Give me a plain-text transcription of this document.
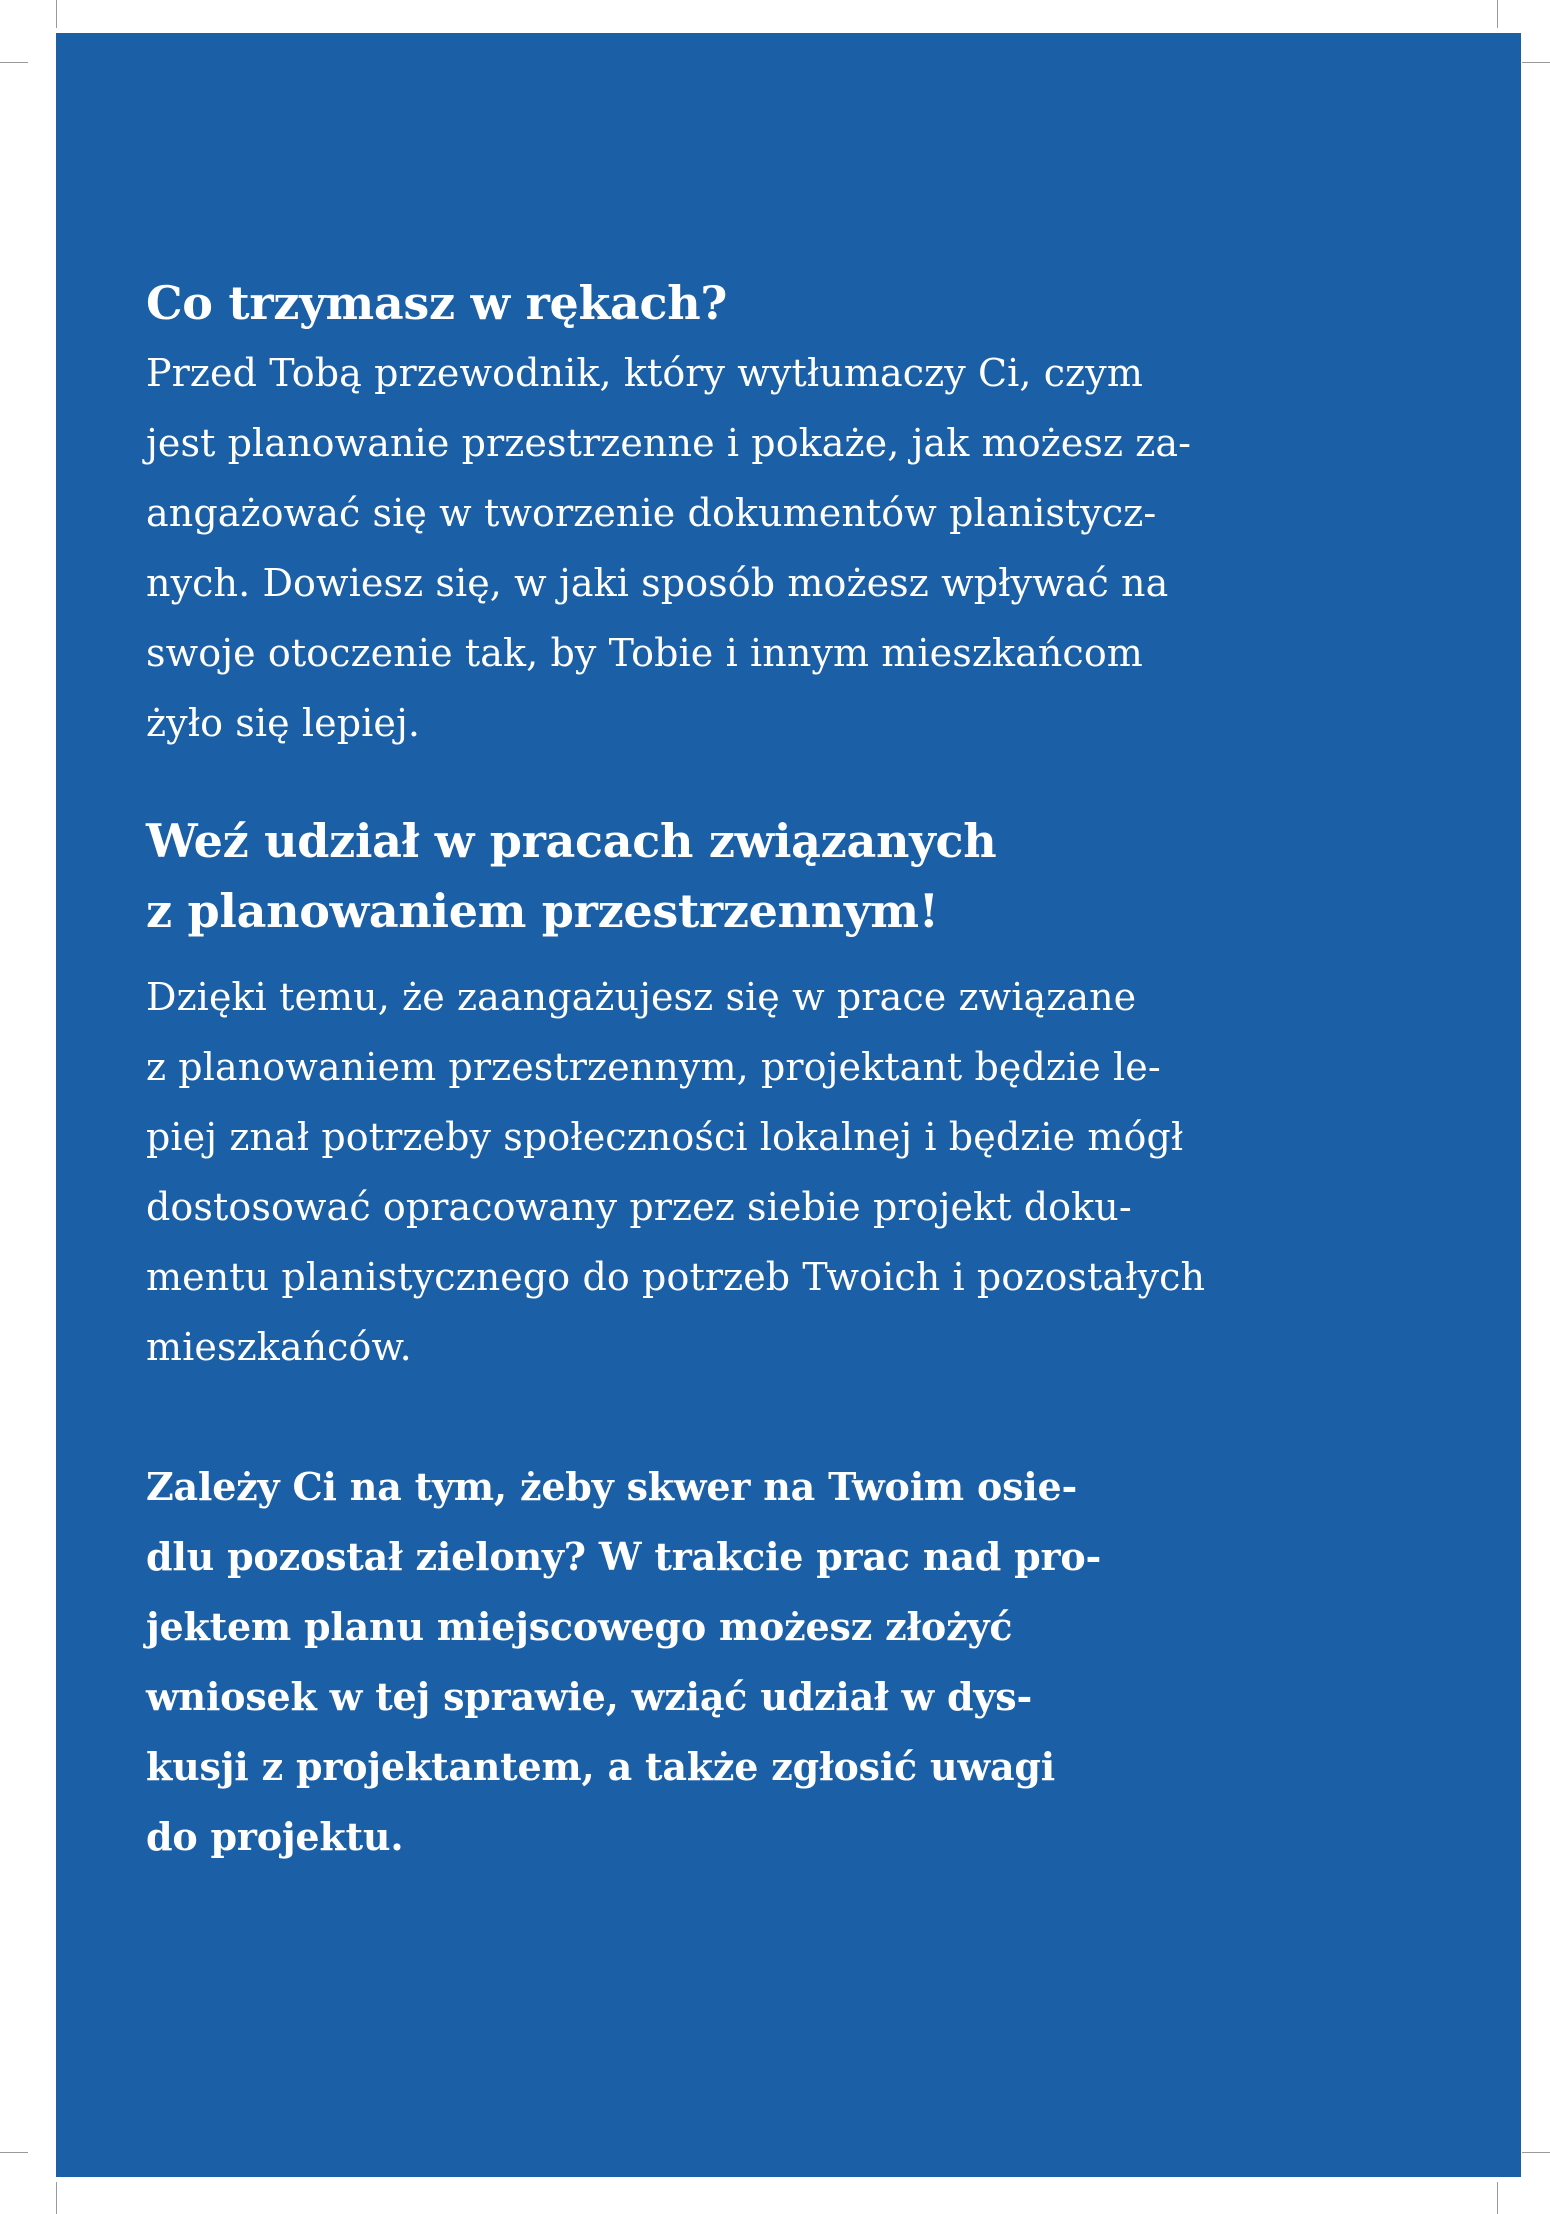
Co trzymasz w rękach?

Przed Tobą przewodnik, który wytłumaczy Ci, czym
jest planowanie przestrzenne i pokaże, jak możesz za-
angażować się w tworzenie dokumentów planistycz-
nych. Dowiesz się, w jaki sposób możesz wpływać na
swoje otoczenie tak, by Tobie i innym mieszkańcom
żyło się lepiej.

Weź udział w pracach związanych
z planowaniem przestrzennym!

Dzięki temu, że zaangażujesz się w prace związane
z planowaniem przestrzennym, projektant będzie le-
piej znał potrzeby społeczności lokalnej i będzie mógł
dostosować opracowany przez siebie projekt doku-
mentu planistycznego do potrzeb Twoich i pozostałych
mieszkańców.

Zależy Ci na tym, żeby skwer na Twoim osie-
dlu pozostał zielony? W trakcie prac nad pro-
jektem planu miejscowego możesz złożyć
wniosek w tej sprawie, wziąć udział w dys-
kusji z projektantem, a także zgłosić uwagi
do projektu.
